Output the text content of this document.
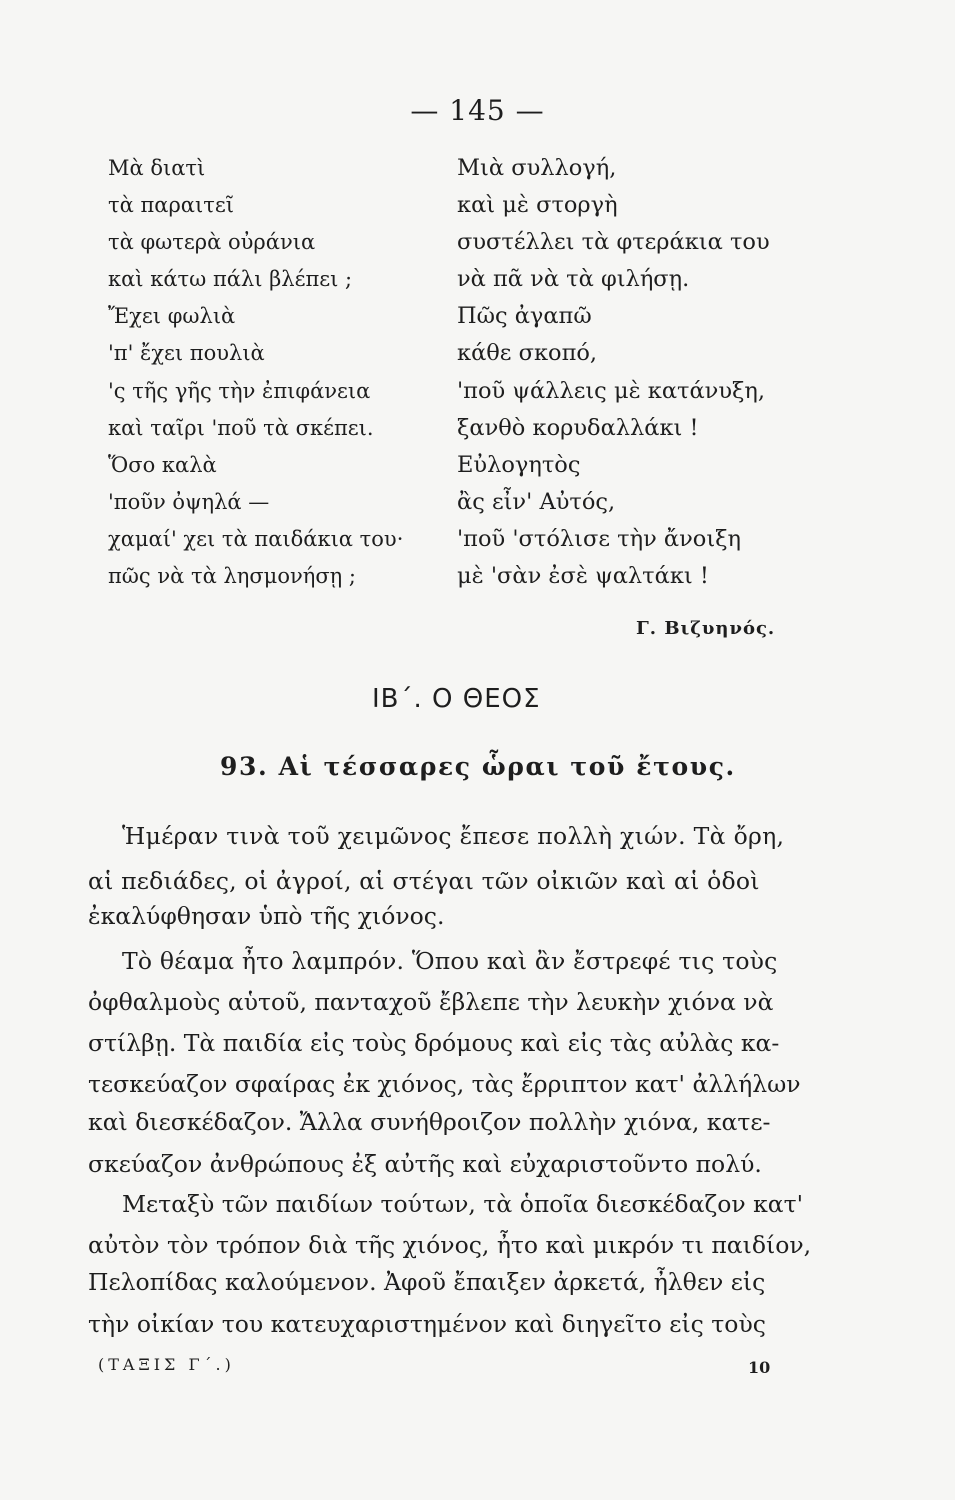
— 145 —
Μὰ διατὶ
τὰ παραιτεῖ
τὰ φωτερὰ οὐράνια
καὶ κάτω πάλι βλέπει ;
Ἔχει φωλιὰ
'π' ἔχει πουλιὰ
'ς τῆς γῆς τὴν ἐπιφάνεια
καὶ ταῖρι 'ποῦ τὰ σκέπει.
Ὅσο καλὰ
'ποῦν ὀψηλά —
χαμαί' χει τὰ παιδάκια του·
πῶς νὰ τὰ λησμονήσῃ ;
Μιὰ συλλογή,
καὶ μὲ στοργὴ
συστέλλει τὰ φτεράκια του
νὰ πᾶ νὰ τὰ φιλήσῃ.
Πῶς ἀγαπῶ
κάθε σκοπό,
'ποῦ ψάλλεις μὲ κατάνυξη,
ξανθὸ κορυδαλλάκι !
Εὐλογητὸς
ἂς εἶν' Αὐτός,
'ποῦ 'στόλισε τὴν ἄνοιξη
μὲ 'σὰν ἐσὲ ψαλτάκι !
Γ. Βιζυηνός.
ΙΒ΄. Ο ΘΕΟΣ
93. Αἱ τέσσαρες ὧραι τοῦ ἔτους.
Ἡμέραν τινὰ τοῦ χειμῶνος ἔπεσε πολλὴ χιών. Τὰ ὄρη,
αἱ πεδιάδες, οἱ ἀγροί, αἱ στέγαι τῶν οἰκιῶν καὶ αἱ ὁδοὶ
ἐκαλύφθησαν ὑπὸ τῆς χιόνος.
Τὸ θέαμα ἦτο λαμπρόν. Ὅπου καὶ ἂν ἔστρεφέ τις τοὺς
ὀφθαλμοὺς αὑτοῦ, πανταχοῦ ἔβλεπε τὴν λευκὴν χιόνα νὰ
στίλβῃ. Τὰ παιδία εἰς τοὺς δρόμους καὶ εἰς τὰς αὐλὰς κα-
τεσκεύαζον σφαίρας ἐκ χιόνος, τὰς ἔρριπτον κατ' ἀλλήλων
καὶ διεσκέδαζον. Ἄλλα συνήθροιζον πολλὴν χιόνα, κατε-
σκεύαζον ἀνθρώπους ἐξ αὐτῆς καὶ εὐχαριστοῦντο πολύ.
Μεταξὺ τῶν παιδίων τούτων, τὰ ὁποῖα διεσκέδαζον κατ'
αὐτὸν τὸν τρόπον διὰ τῆς χιόνος, ἦτο καὶ μικρόν τι παιδίον,
Πελοπίδας καλούμενον. Ἀφοῦ ἔπαιξεν ἀρκετά, ἦλθεν εἰς
τὴν οἰκίαν του κατευχαριστημένον καὶ διηγεῖτο εἰς τοὺς
(ΤΑΞΙΣ Γ΄.)	10
